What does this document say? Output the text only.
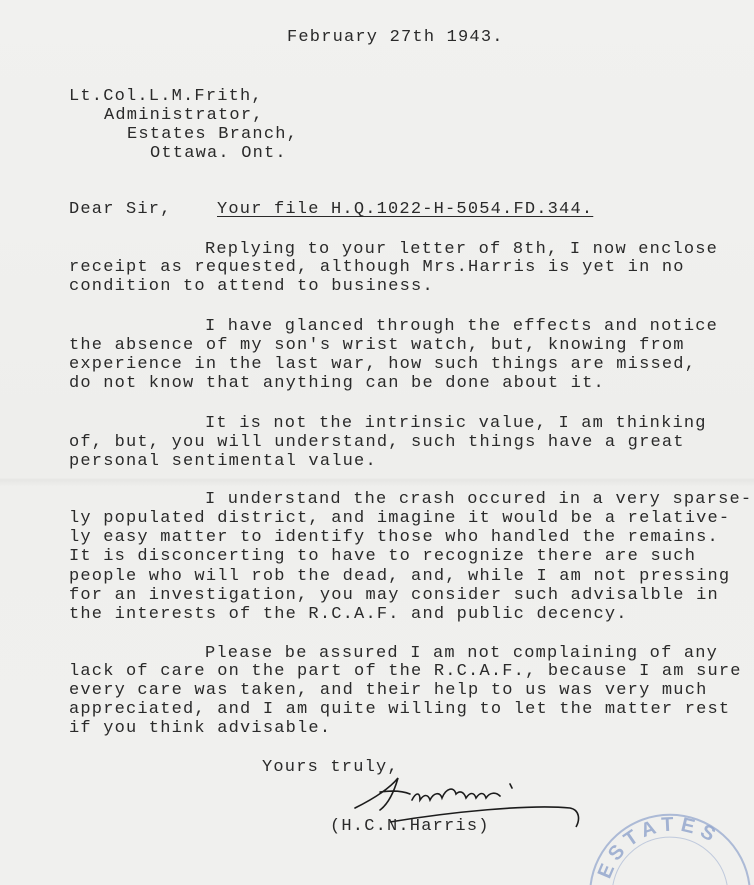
February 27th 1943.
Lt.Col.L.M.Frith,
Administrator,
Estates Branch,
Ottawa. Ont.
Dear Sir,	Your file H.Q.1022-H-5054.FD.344.
Replying to your letter of 8th, I now enclose
receipt as requested, although Mrs.Harris is yet in no
condition to attend to business.
I have glanced through the effects and notice
the absence of my son's wrist watch, but, knowing from
experience in the last war, how such things are missed,
do not know that anything can be done about it.
It is not the intrinsic value, I am thinking
of, but, you will understand, such things have a great
personal sentimental value.
I understand the crash occured in a very sparse-
ly populated district, and imagine it would be a relative-
ly easy matter to identify those who handled the remains.
It is disconcerting to have to recognize there are such
people who will rob the dead, and, while I am not pressing
for an investigation, you may consider such advisalble in
the interests of the R.C.A.F. and public decency.
Please be assured I am not complaining of any
lack of care on the part of the R.C.A.F., because I am sure
every care was taken, and their help to us was very much
appreciated, and I am quite willing to let the matter rest
if you think advisable.
Yours truly,
(H.C.N.Harris)
ESTATES
